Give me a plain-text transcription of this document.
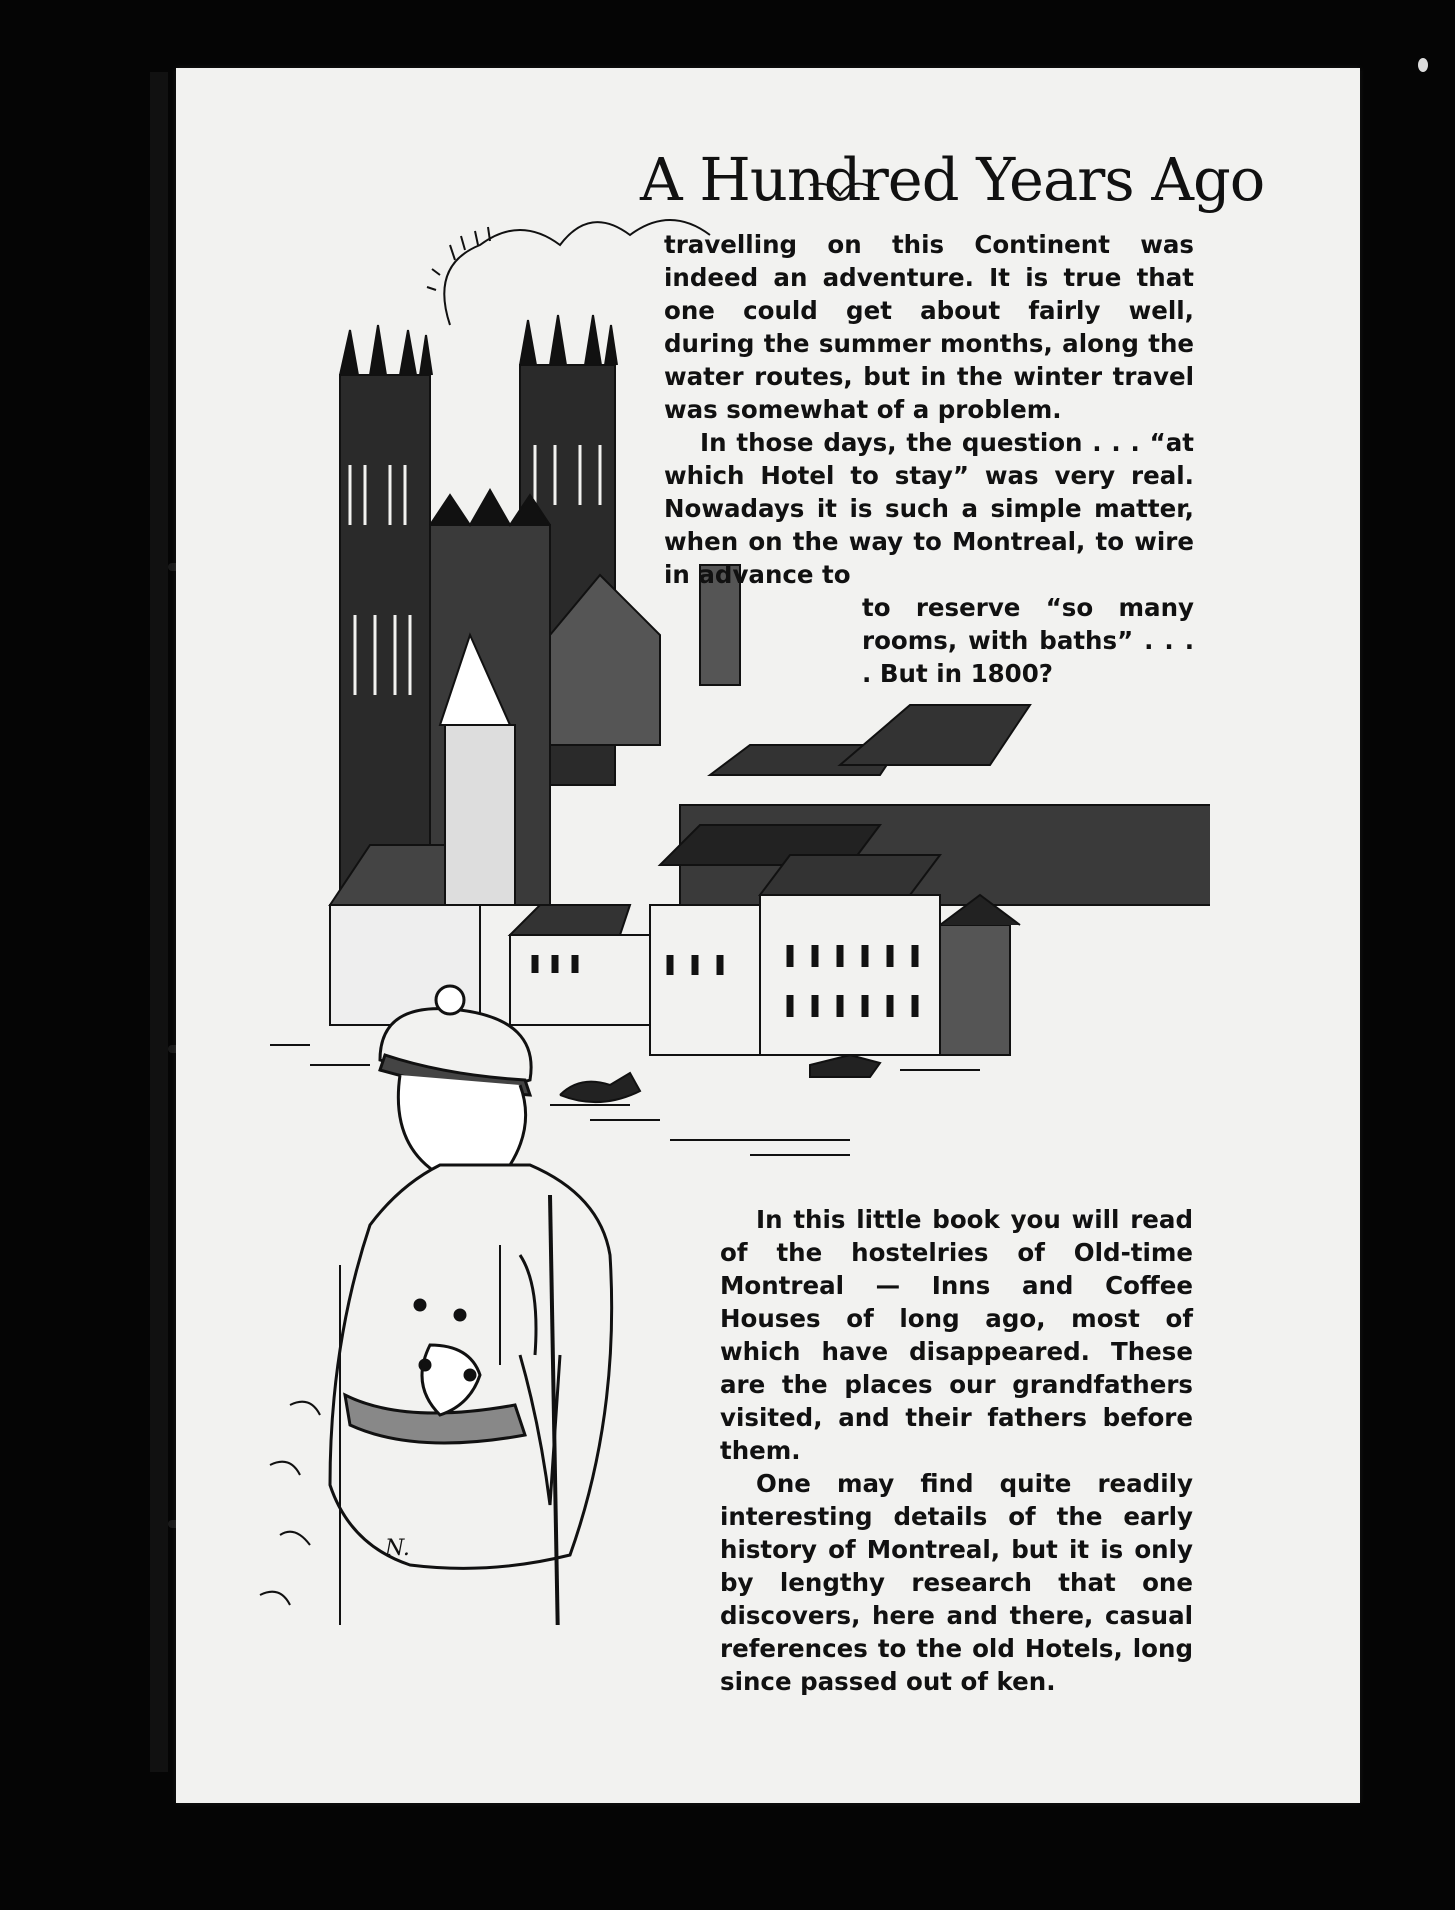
N.
A Hundred Years Ago

travelling on this Continent was indeed an adventure. It is true that one could get about fairly well, during the summer months, along the water routes, but in the winter travel was somewhat of a problem.

In those days, the question . . . “at which Hotel to stay” was very real. Nowadays it is such a simple matter, when on the way to Montreal, to wire in advance to

to reserve “so many rooms, with baths” . . . . But in 1800?

In this little book you will read of the hostelries of Old-time Montreal — Inns and Coffee Houses of long ago, most of which have disappeared. These are the places our grandfathers visited, and their fathers before them.

One may find quite readily interesting details of the early history of Montreal, but it is only by lengthy research that one discovers, here and there, casual references to the old Hotels, long since passed out of ken.
